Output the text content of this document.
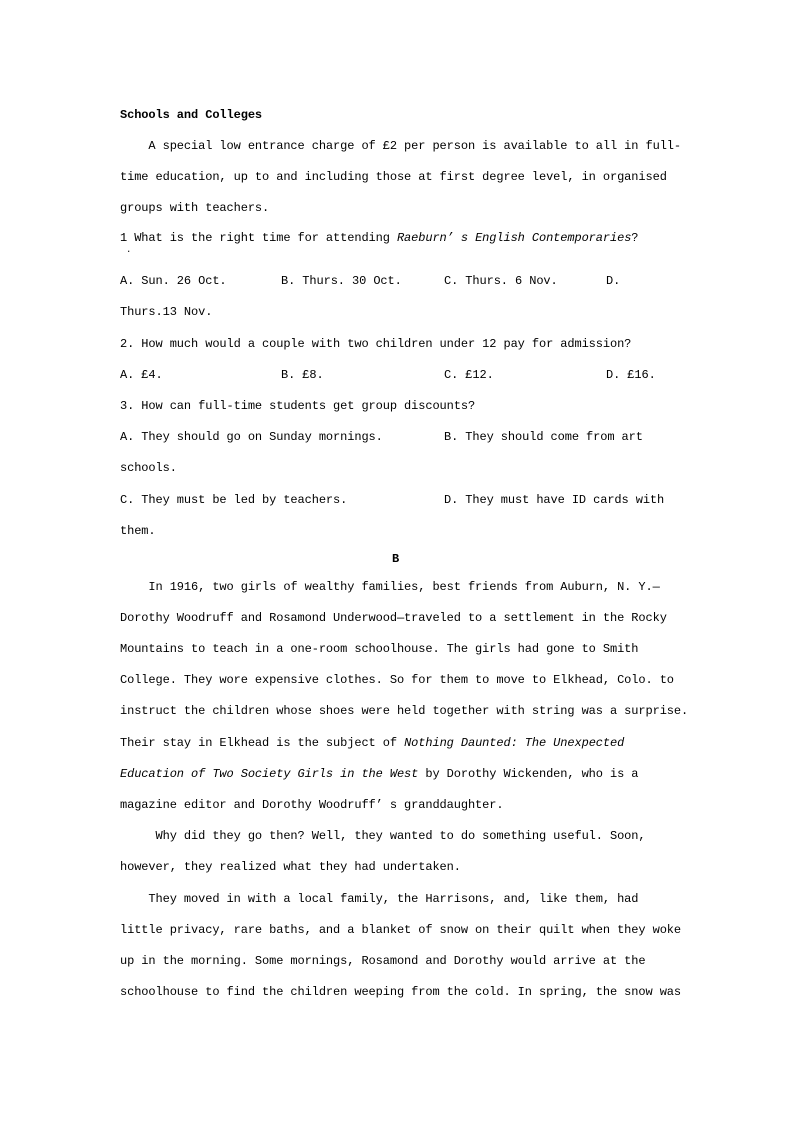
Schools and Colleges
A special low entrance charge of £2 per person is available to all in full-
time education, up to and including those at first degree level, in organised
groups with teachers.
1 What is the right time for attending Raeburn’ s English Contemporaries?
·
A. Sun. 26 Oct.	B. Thurs. 30 Oct.	C. Thurs. 6 Nov.	D.
Thurs.13 Nov.
2. How much would a couple with two children under 12 pay for admission?
A. £4.	B. £8.	C. £12.	D. £16.
3. How can full-time students get group discounts?
A. They should go on Sunday mornings.	B. They should come from art
schools.
C. They must be led by teachers.	D. They must have ID cards with
them.
B
In 1916, two girls of wealthy families, best friends from Auburn, N. Y.—
Dorothy Woodruff and Rosamond Underwood—traveled to a settlement in the Rocky
Mountains to teach in a one-room schoolhouse. The girls had gone to Smith
College. They wore expensive clothes. So for them to move to Elkhead, Colo. to
instruct the children whose shoes were held together with string was a surprise.
Their stay in Elkhead is the subject of Nothing Daunted: The Unexpected
Education of Two Society Girls in the West by Dorothy Wickenden, who is a
magazine editor and Dorothy Woodruff’ s granddaughter.
Why did they go then? Well, they wanted to do something useful. Soon,
however, they realized what they had undertaken.
They moved in with a local family, the Harrisons, and, like them, had
little privacy, rare baths, and a blanket of snow on their quilt when they woke
up in the morning. Some mornings, Rosamond and Dorothy would arrive at the
schoolhouse to find the children weeping from the cold. In spring, the snow was
